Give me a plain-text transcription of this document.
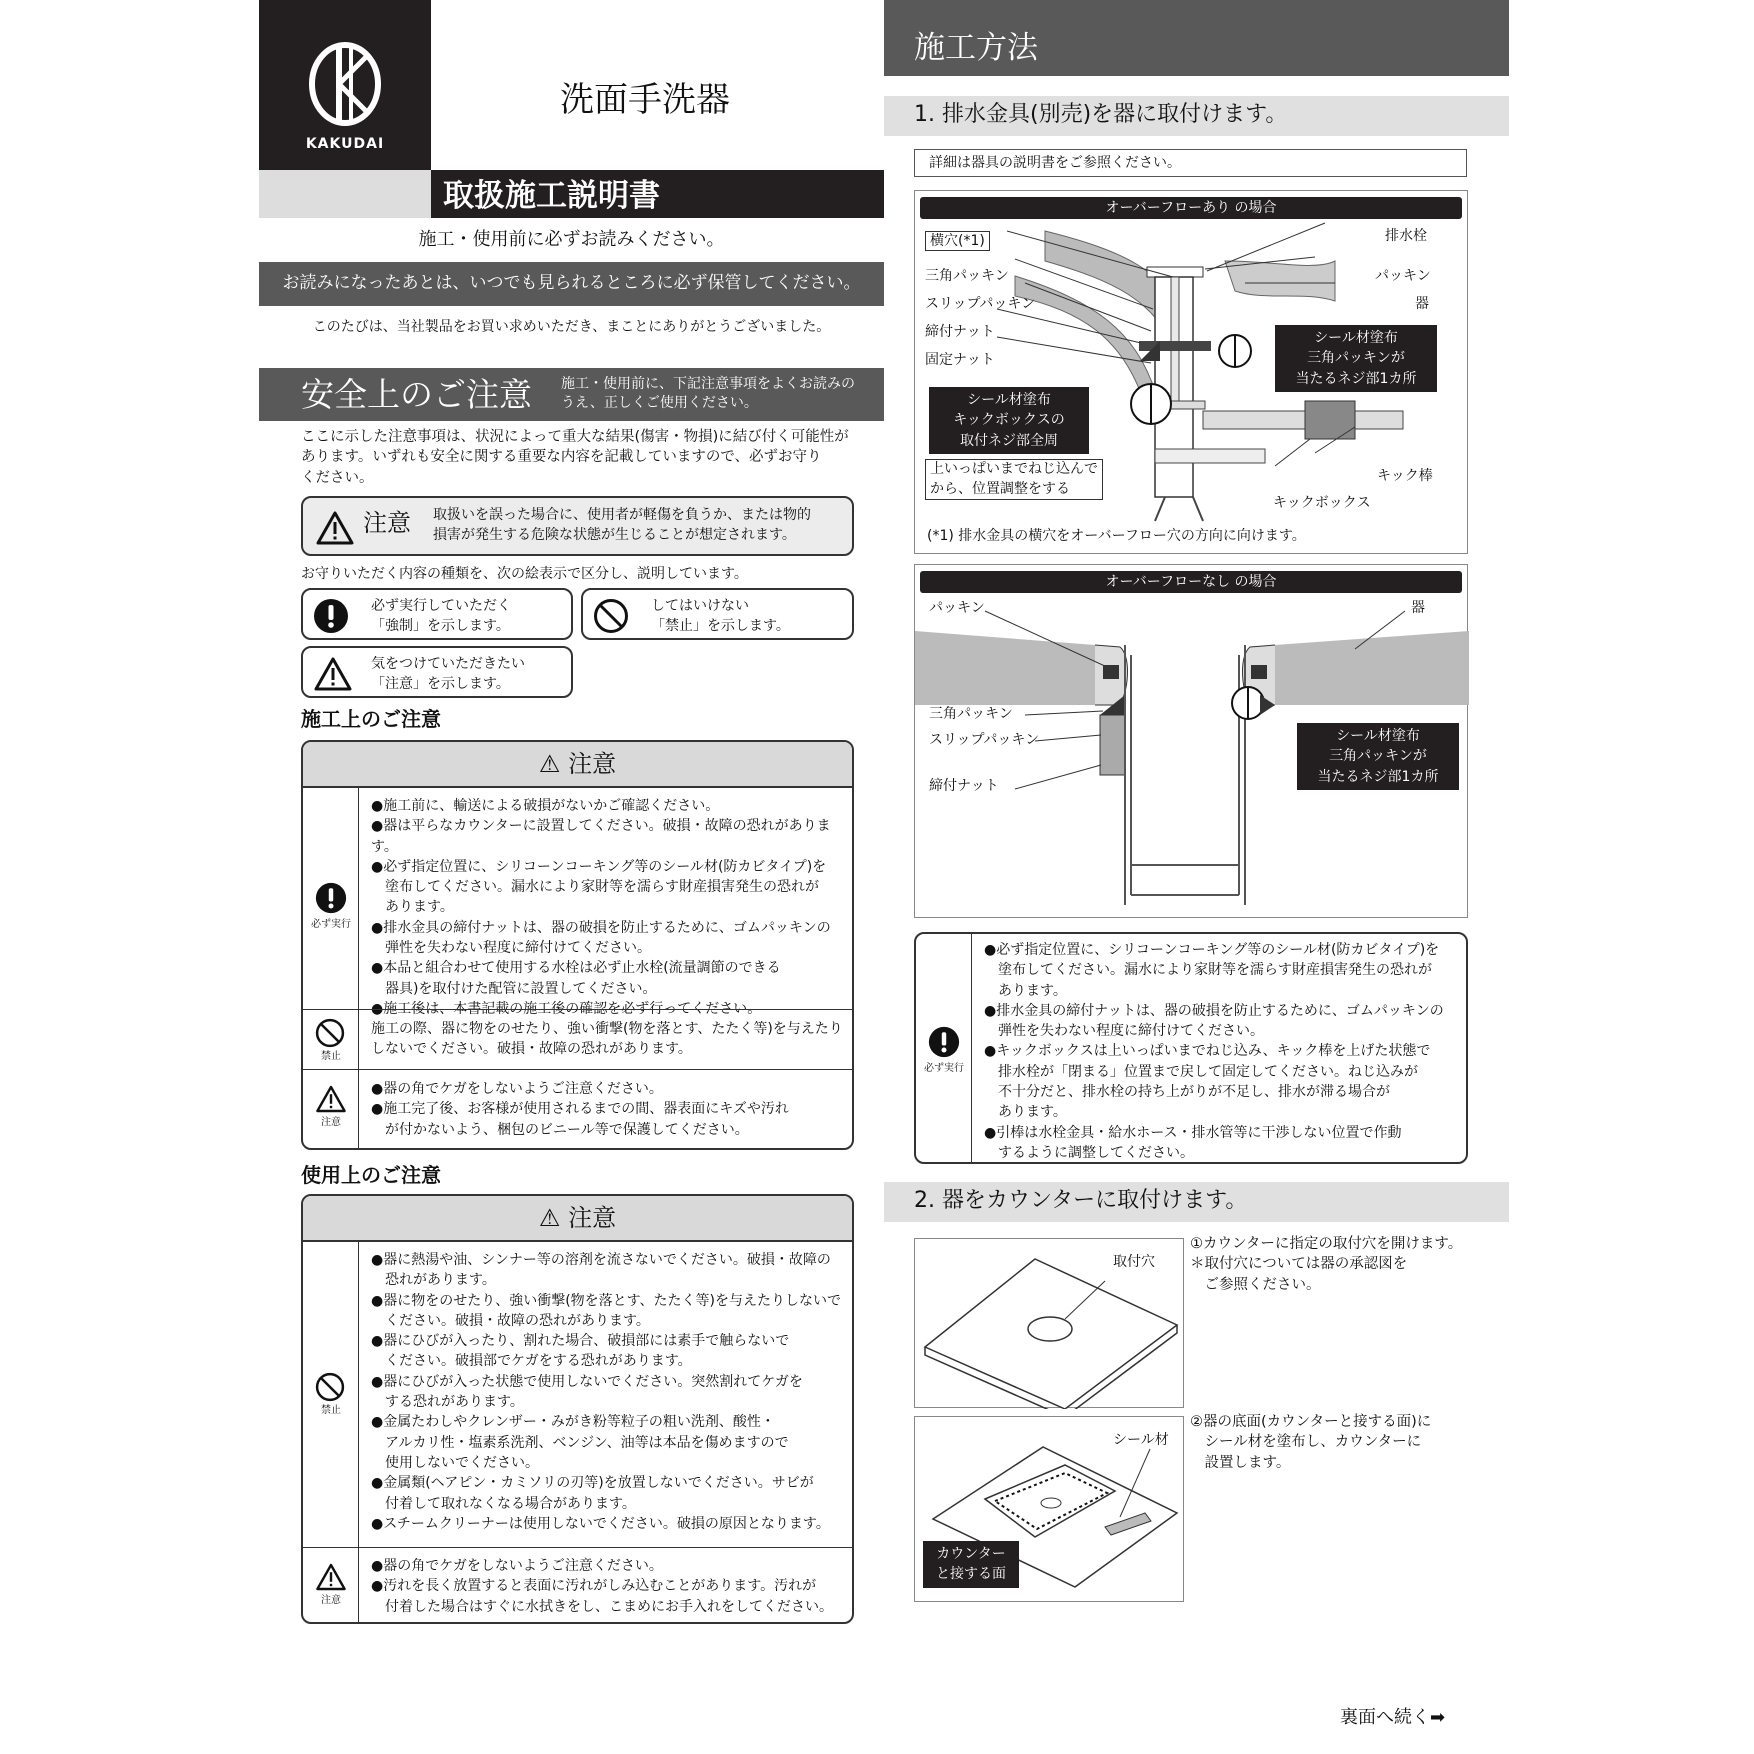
KAKUDAI
洗面手洗器
取扱施工説明書
施工・使用前に必ずお読みください。
お読みになったあとは、いつでも見られるところに必ず保管してください。
このたびは、当社製品をお買い求めいただき、まことにありがとうございました。
安全上のご注意 施工・使用前に、下記注意事項をよくお読みの
うえ、正しくご使用ください。
ここに示した注意事項は、状況によって重大な結果(傷害・物損)に結び付く可能性が
あります。いずれも安全に関する重要な内容を記載していますので、必ずお守り
ください。
注意 取扱いを誤った場合に、使用者が軽傷を負うか、または物的
損害が発生する危険な状態が生じることが想定されます。
お守りいただく内容の種類を、次の絵表示で区分し、説明しています。
必ず実行していただく
「強制」を示します。
してはいけない
「禁止」を示します。
気をつけていただきたい
「注意」を示します。
施工上のご注意
⚠ 注意
必ず実行
●施工前に、輸送による破損がないかご確認ください。
●器は平らなカウンターに設置してください。破損・故障の恐れがあります。
●必ず指定位置に、シリコーンコーキング等のシール材(防カビタイプ)を
　塗布してください。漏水により家財等を濡らす財産損害発生の恐れが
　あります。
●排水金具の締付ナットは、器の破損を防止するために、ゴムパッキンの
　弾性を失わない程度に締付けてください。
●本品と組合わせて使用する水栓は必ず止水栓(流量調節のできる
　器具)を取付けた配管に設置してください。
●施工後は、本書記載の施工後の確認を必ず行ってください。
禁止
施工の際、器に物をのせたり、強い衝撃(物を落とす、たたく等)を与えたり
しないでください。破損・故障の恐れがあります。
注意
●器の角でケガをしないようご注意ください。
●施工完了後、お客様が使用されるまでの間、器表面にキズや汚れ
　が付かないよう、梱包のビニール等で保護してください。
使用上のご注意
⚠ 注意
禁止
●器に熱湯や油、シンナー等の溶剤を流さないでください。破損・故障の
　恐れがあります。
●器に物をのせたり、強い衝撃(物を落とす、たたく等)を与えたりしないで
　ください。破損・故障の恐れがあります。
●器にひびが入ったり、割れた場合、破損部には素手で触らないで
　ください。破損部でケガをする恐れがあります。
●器にひびが入った状態で使用しないでください。突然割れてケガを
　する恐れがあります。
●金属たわしやクレンザー・みがき粉等粒子の粗い洗剤、酸性・
　アルカリ性・塩素系洗剤、ベンジン、油等は本品を傷めますので
　使用しないでください。
●金属類(ヘアピン・カミソリの刃等)を放置しないでください。サビが
　付着して取れなくなる場合があります。
●スチームクリーナーは使用しないでください。破損の原因となります。
注意
●器の角でケガをしないようご注意ください。
●汚れを長く放置すると表面に汚れがしみ込むことがあります。汚れが
　付着した場合はすぐに水拭きをし、こまめにお手入れをしてください。
施工方法
1. 排水金具(別売)を器に取付けます。
詳細は器具の説明書をご参照ください。
オーバーフローあり の場合
横穴(*1)
三角パッキン
スリップパッキン
締付ナット
固定ナット
排水栓
パッキン
器
キック棒
キックボックス
上いっぱいまでねじ込んで
から、位置調整をする
シール材塗布
キックボックスの
取付ネジ部全周
シール材塗布
三角パッキンが
当たるネジ部1カ所
(*1) 排水金具の横穴をオーバーフロー穴の方向に向けます。
オーバーフローなし の場合
パッキン	器
三角パッキン
スリップパッキン
締付ナット
シール材塗布
三角パッキンが
当たるネジ部1カ所
必ず実行
●必ず指定位置に、シリコーンコーキング等のシール材(防カビタイプ)を
　塗布してください。漏水により家財等を濡らす財産損害発生の恐れが
　あります。
●排水金具の締付ナットは、器の破損を防止するために、ゴムパッキンの
　弾性を失わない程度に締付けてください。
●キックボックスは上いっぱいまでねじ込み、キック棒を上げた状態で
　排水栓が「閉まる」位置まで戻して固定してください。ねじ込みが
　不十分だと、排水栓の持ち上がりが不足し、排水が滞る場合が
　あります。
●引棒は水栓金具・給水ホース・排水管等に干渉しない位置で作動
　するように調整してください。
2. 器をカウンターに取付けます。
取付穴
①カウンターに指定の取付穴を開けます。
＊取付穴については器の承認図を
　ご参照ください。
シール材
カウンター
と接する面
②器の底面(カウンターと接する面)に
　シール材を塗布し、カウンターに
　設置します。
裏面へ続く➡
